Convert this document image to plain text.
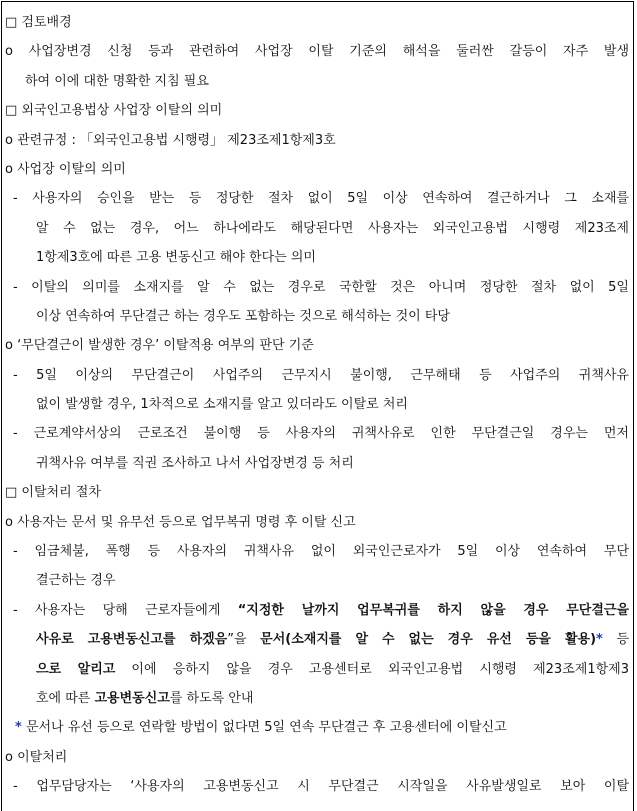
□ 검토배경
o 사업장변경 신청 등과 관련하여 사업장 이탈 기준의 해석을 둘러싼 갈등이 자주 발생
하여 이에 대한 명확한 지침 필요
□ 외국인고용법상 사업장 이탈의 의미
o 관련규정 : 「외국인고용법 시행령」 제23조제1항제3호
o 사업장 이탈의 의미
- 사용자의 승인을 받는 등 정당한 절차 없이 5일 이상 연속하여 결근하거나 그 소재를
알 수 없는 경우, 어느 하나에라도 해당된다면 사용자는 외국인고용법 시행령 제23조제
1항제3호에 따른 고용 변동신고 해야 한다는 의미
- 이탈의 의미를 소재지를 알 수 없는 경우로 국한할 것은 아니며 정당한 절차 없이 5일
이상 연속하여 무단결근 하는 경우도 포함하는 것으로 해석하는 것이 타당
o ‘무단결근이 발생한 경우’ 이탈적용 여부의 판단 기준
- 5일 이상의 무단결근이 사업주의 근무지시 불이행, 근무해태 등 사업주의 귀책사유
없이 발생할 경우, 1차적으로 소재지를 알고 있더라도 이탈로 처리
- 근로계약서상의 근로조건 불이행 등 사용자의 귀책사유로 인한 무단결근일 경우는 먼저
귀책사유 여부를 직권 조사하고 나서 사업장변경 등 처리
□ 이탈처리 절차
o 사용자는 문서 및 유무선 등으로 업무복귀 명령 후 이탈 신고
- 임금체불, 폭행 등 사용자의 귀책사유 없이 외국인근로자가 5일 이상 연속하여 무단
결근하는 경우
- 사용자는 당해 근로자들에게 “지정한 날까지 업무복귀를 하지 않을 경우 무단결근을
사유로 고용변동신고를 하겠음”을 문서(소재지를 알 수 없는 경우 유선 등을 활용)* 등
으로 알리고 이에 응하지 않을 경우 고용센터로 외국인고용법 시행령 제23조제1항제3
호에 따른 고용변동신고를 하도록 안내
* 문서나 유선 등으로 연락할 방법이 없다면 5일 연속 무단결근 후 고용센터에 이탈신고
o 이탈처리
- 업무담당자는 ‘사용자의 고용변동신고 시 무단결근 시작일을 사유발생일로 보아 이탈
